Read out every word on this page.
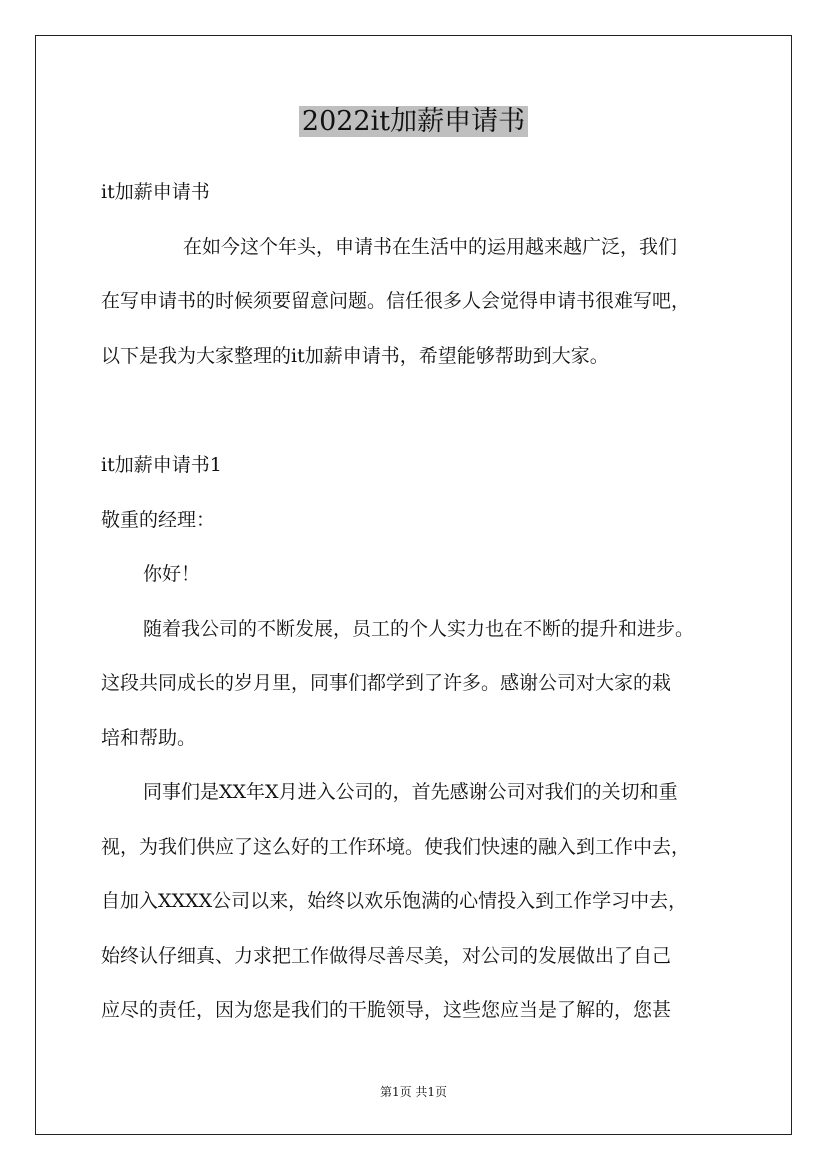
2022it加薪申请书
it加薪申请书
在如今这个年头，申请书在生活中的运用越来越广泛，我们
在写申请书的时候须要留意问题。信任很多人会觉得申请书很难写吧，
以下是我为大家整理的it加薪申请书，希望能够帮助到大家。
it加薪申请书1
敬重的经理：
你好！
随着我公司的不断发展，员工的个人实力也在不断的提升和进步。
这段共同成长的岁月里，同事们都学到了许多。感谢公司对大家的栽
培和帮助。
同事们是XX年X月进入公司的，首先感谢公司对我们的关切和重
视，为我们供应了这么好的工作环境。使我们快速的融入到工作中去，
自加入XXXX公司以来，始终以欢乐饱满的心情投入到工作学习中去，
始终认仔细真、力求把工作做得尽善尽美，对公司的发展做出了自己
应尽的责任，因为您是我们的干脆领导，这些您应当是了解的，您甚
第1页 共1页
